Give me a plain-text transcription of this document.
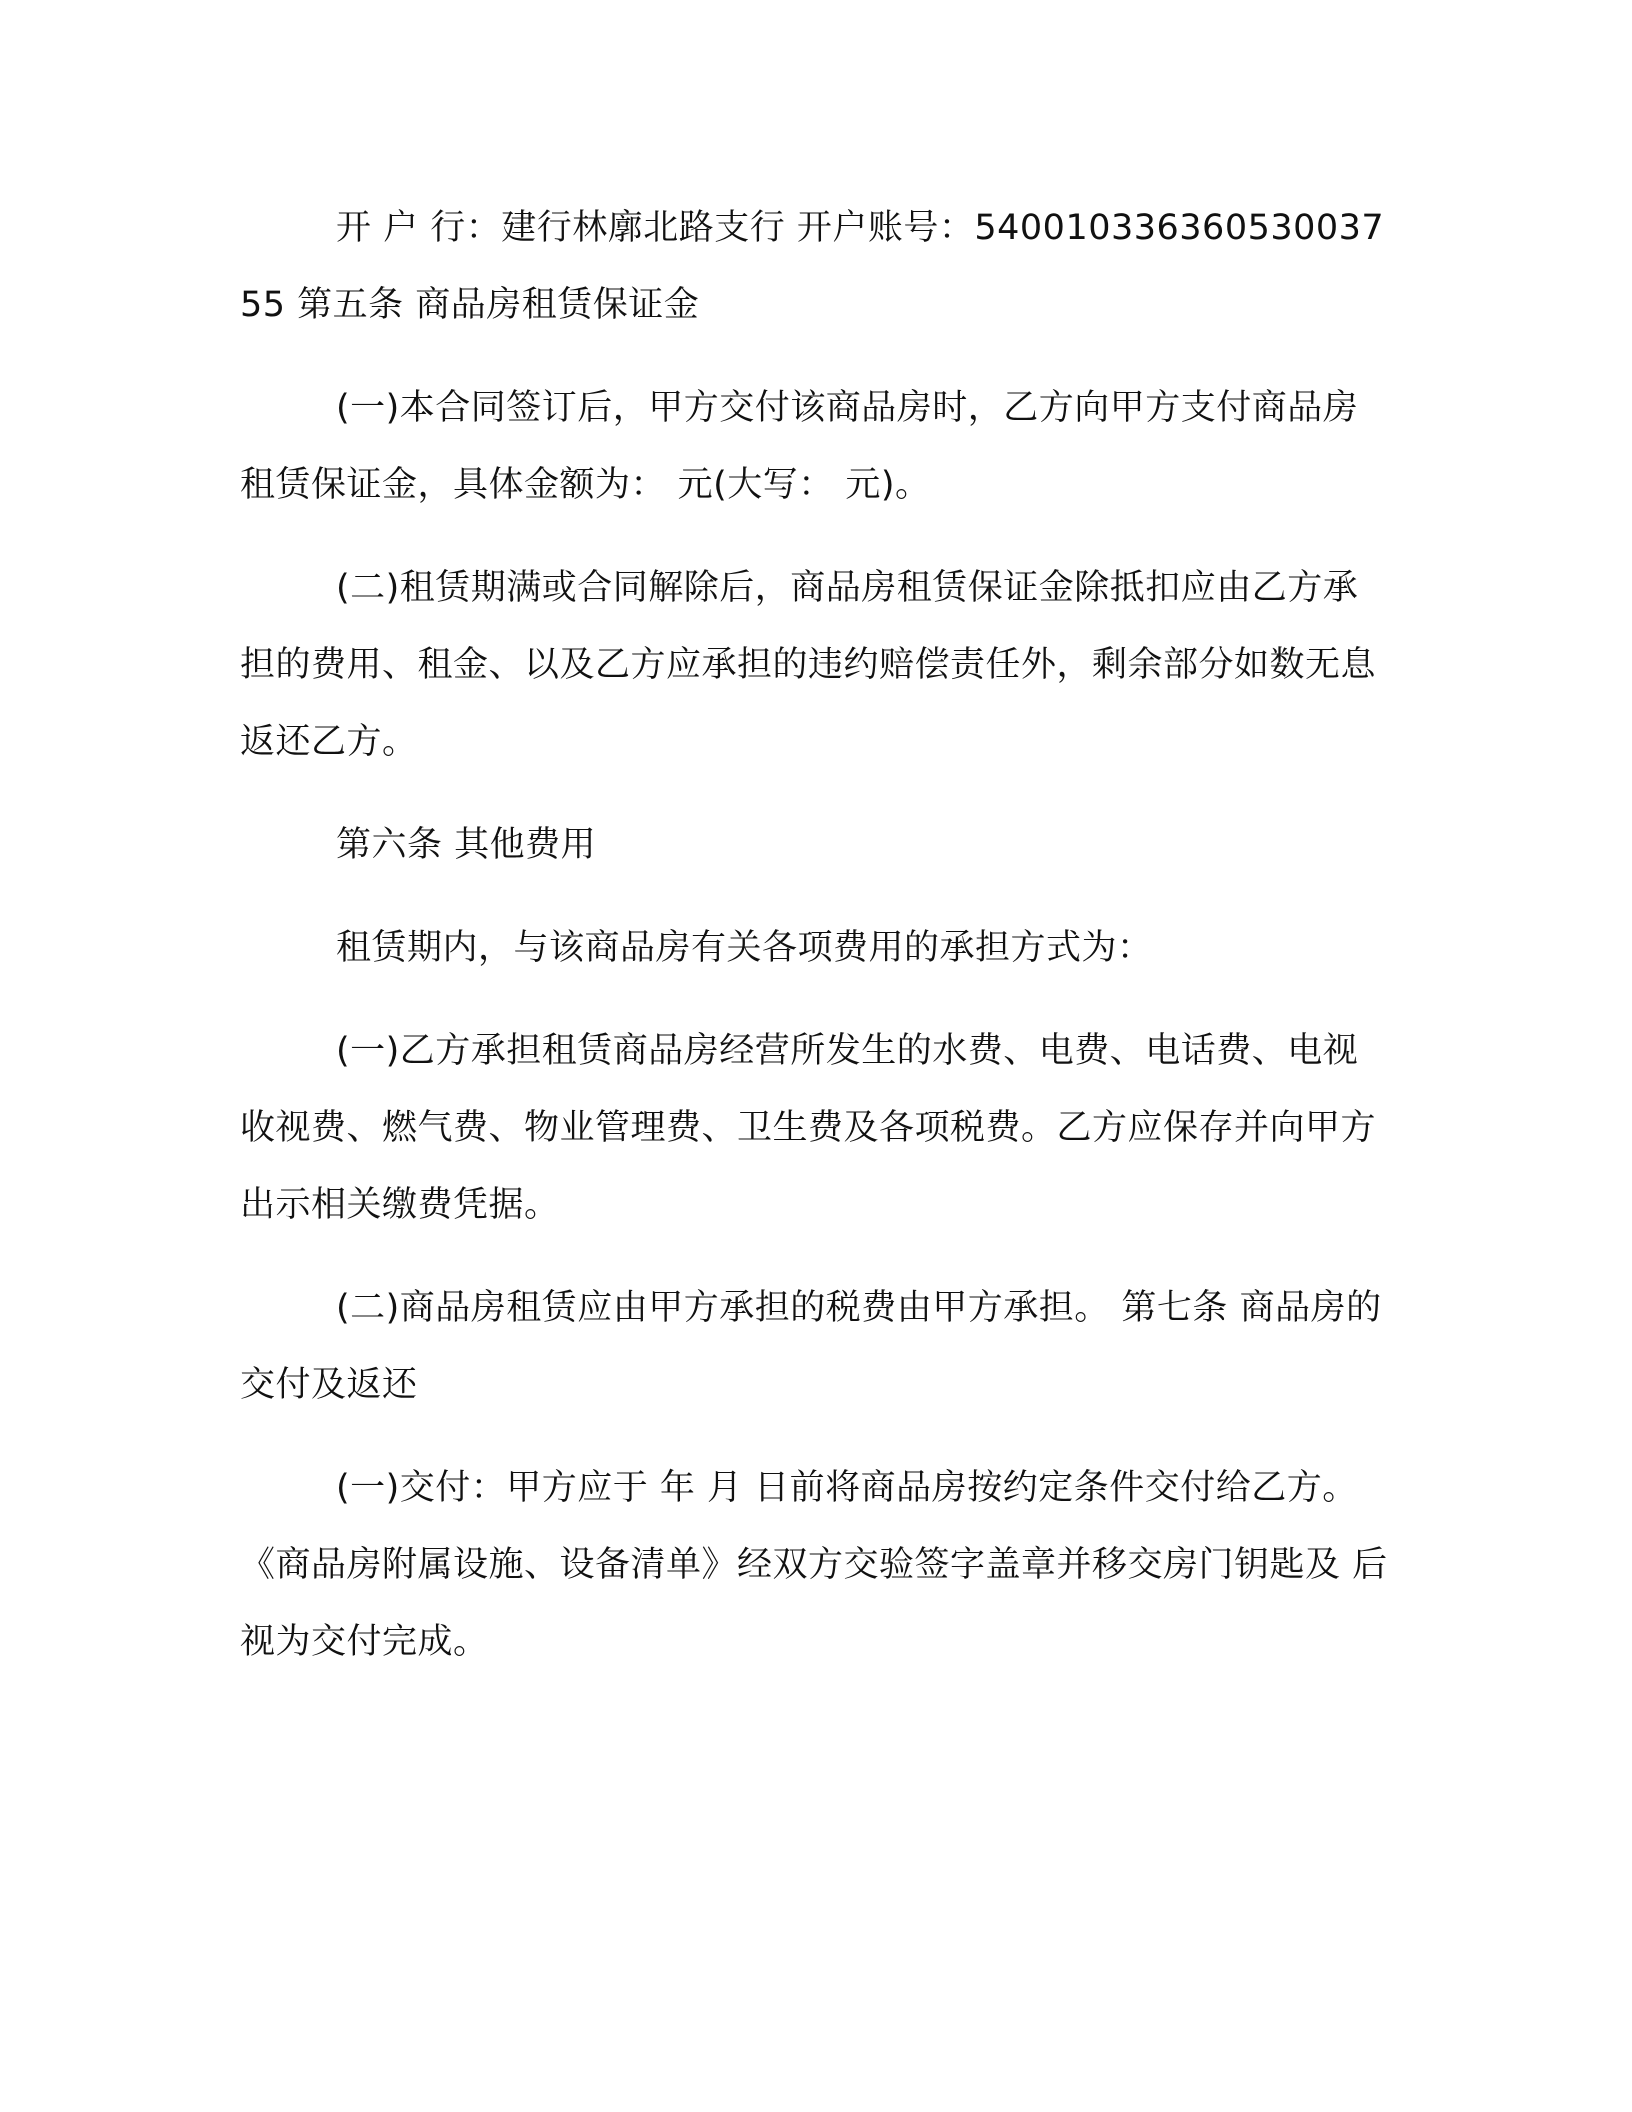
开 户 行：建行林廓北路支行 开户账号：54001033636053003755 第五条 商品房租赁保证金

(一)本合同签订后，甲方交付该商品房时，乙方向甲方支付商品房租赁保证金，具体金额为： 元(大写： 元)。

(二)租赁期满或合同解除后，商品房租赁保证金除抵扣应由乙方承担的费用、租金、以及乙方应承担的违约赔偿责任外，剩余部分如数无息返还乙方。

第六条 其他费用

租赁期内，与该商品房有关各项费用的承担方式为：

(一)乙方承担租赁商品房经营所发生的水费、电费、电话费、电视收视费、燃气费、物业管理费、卫生费及各项税费。乙方应保存并向甲方出示相关缴费凭据。

(二)商品房租赁应由甲方承担的税费由甲方承担。 第七条 商品房的交付及返还

(一)交付：甲方应于 年 月 日前将商品房按约定条件交付给乙方。《商品房附属设施、设备清单》经双方交验签字盖章并移交房门钥匙及 后视为交付完成。
